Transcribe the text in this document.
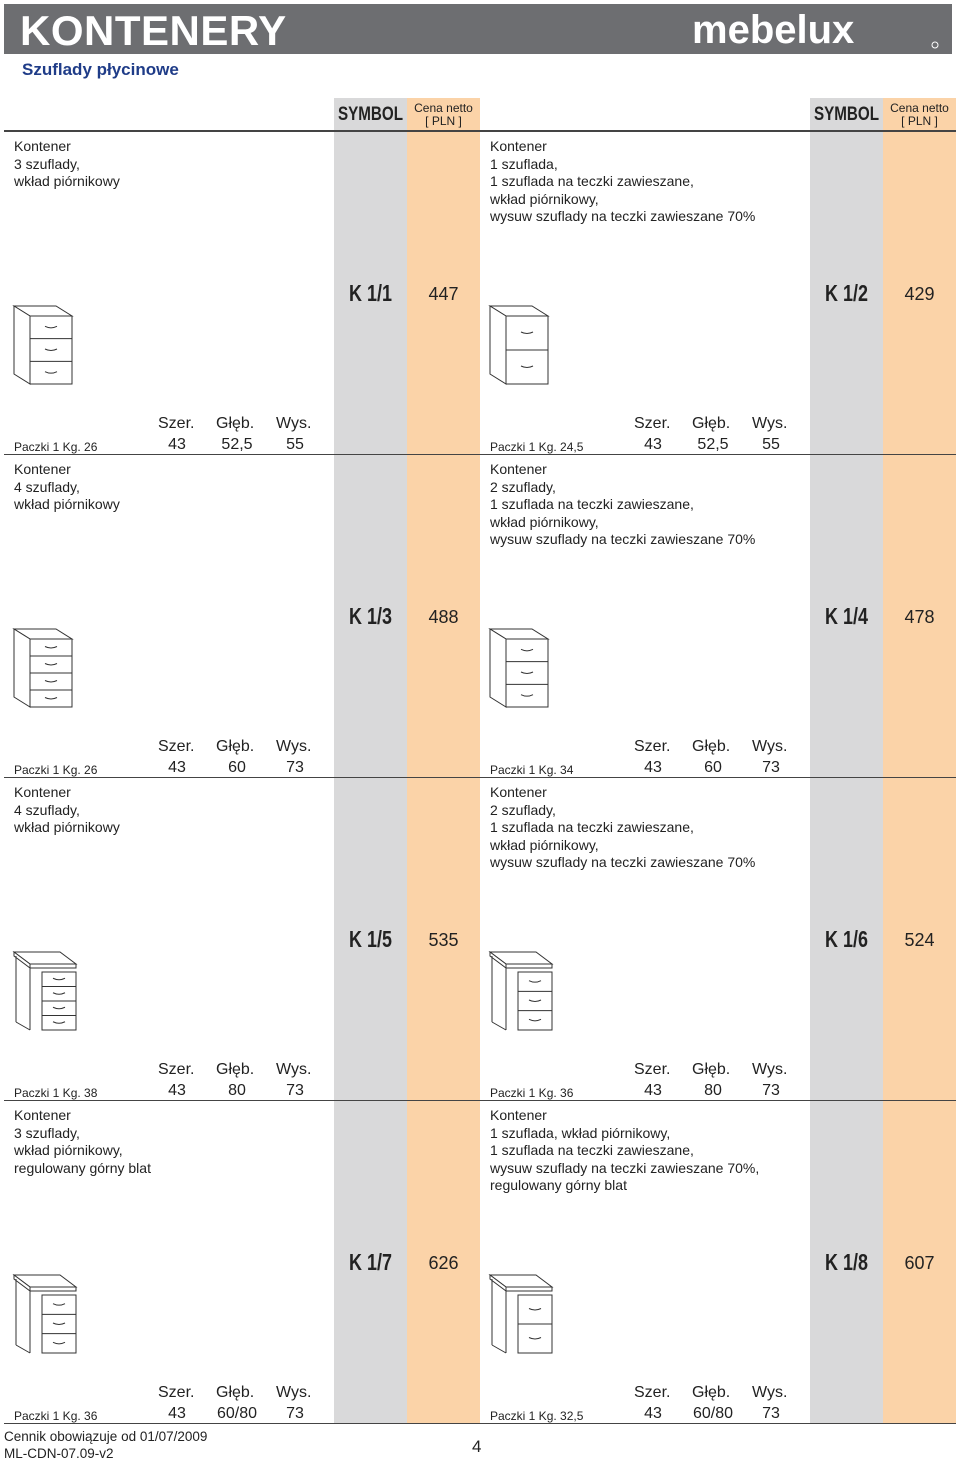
KONTENERY	mebelux
Szuflady płycinowe
SYMBOL Cena netto
[ PLN ]
Kontener
3 szuflady,
wkład piórnikowy
K 1/1	447
Szer. Głęb. Wys.
Paczki 1 Kg. 26	43	52,5	55
Kontener
4 szuflady,
wkład piórnikowy
K 1/3	488
Szer. Głęb. Wys.
Paczki 1 Kg. 26	43	60	73
Kontener
4 szuflady,
wkład piórnikowy
K 1/5	535
Szer. Głęb. Wys.
Paczki 1 Kg. 38	43	80	73
Kontener
3 szuflady,
wkład piórnikowy,
regulowany górny blat
K 1/7	626
Szer. Głęb. Wys.
Paczki 1 Kg. 36	43	60/80	73
SYMBOL Cena netto
[ PLN ]
Kontener
1 szuflada,
1 szuflada na teczki zawieszane,
wkład piórnikowy,
wysuw szuflady na teczki zawieszane 70%
K 1/2	429
Szer. Głęb. Wys.
Paczki 1 Kg. 24,5	43	52,5	55
Kontener
2 szuflady,
1 szuflada na teczki zawieszane,
wkład piórnikowy,
wysuw szuflady na teczki zawieszane 70%
K 1/4	478
Szer. Głęb. Wys.
Paczki 1 Kg. 34	43	60	73
Kontener
2 szuflady,
1 szuflada na teczki zawieszane,
wkład piórnikowy,
wysuw szuflady na teczki zawieszane 70%
K 1/6	524
Szer. Głęb. Wys.
Paczki 1 Kg. 36	43	80	73
Kontener
1 szuflada, wkład piórnikowy,
1 szuflada na teczki zawieszane,
wysuw szuflady na teczki zawieszane 70%,
regulowany górny blat
K 1/8	607
Szer. Głęb. Wys.
Paczki 1 Kg. 32,5	43	60/80	73
Cennik obowiązuje od 01/07/2009
ML-CDN-07.09-v2	4
